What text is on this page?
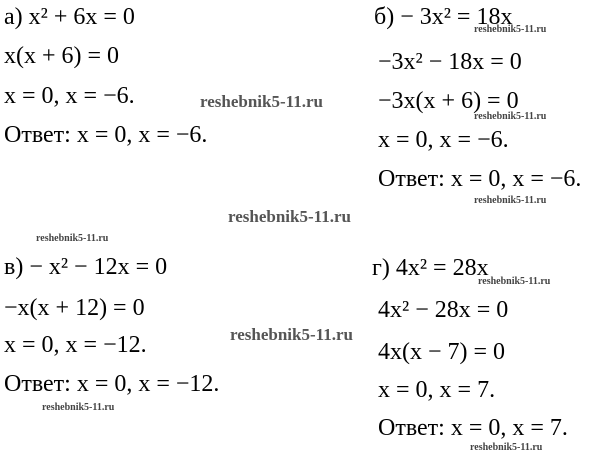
а) x² + 6x = 0
x(x + 6) = 0
x = 0, x = −6.
Ответ: x = 0, x = −6.
в) − x² − 12x = 0
−x(x + 12) = 0
x = 0, x = −12.
Ответ: x = 0, x = −12.
б) − 3x² = 18x
−3x² − 18x = 0
−3x(x + 6) = 0
x = 0, x = −6.
Ответ: x = 0, x = −6.
г) 4x² = 28x
4x² − 28x = 0
4x(x − 7) = 0
x = 0, x = 7.
Ответ: x = 0, x = 7.
reshebnik5-11.ru
reshebnik5-11.ru
reshebnik5-11.ru
reshebnik5-11.ru
reshebnik5-11.ru
reshebnik5-11.ru
reshebnik5-11.ru
reshebnik5-11.ru
reshebnik5-11.ru
reshebnik5-11.ru
